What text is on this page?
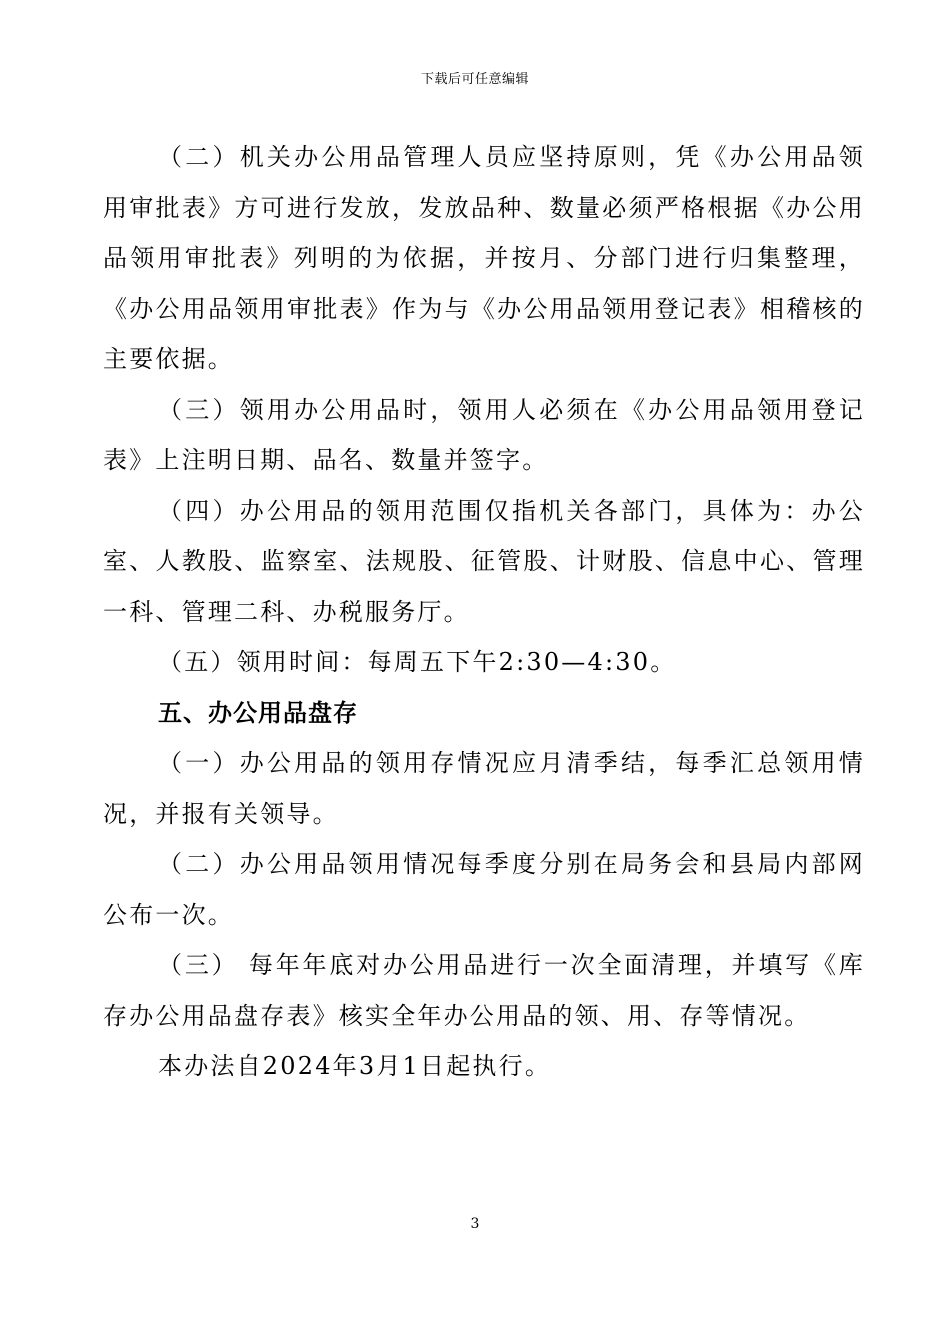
下载后可任意编辑

（二）机关办公用品管理人员应坚持原则，凭《办公用品领用审批表》方可进行发放，发放品种、数量必须严格根据《办公用品领用审批表》列明的为依据，并按月、分部门进行归集整理，《办公用品领用审批表》作为与《办公用品领用登记表》相稽核的主要依据。

（三）领用办公用品时，领用人必须在《办公用品领用登记表》上注明日期、品名、数量并签字。

（四）办公用品的领用范围仅指机关各部门，具体为：办公室、人教股、监察室、法规股、征管股、计财股、信息中心、管理一科、管理二科、办税服务厅。

（五）领用时间：每周五下午2:30—4:30。

五、办公用品盘存

（一）办公用品的领用存情况应月清季结，每季汇总领用情况，并报有关领导。

（二）办公用品领用情况每季度分别在局务会和县局内部网公布一次。

（三） 每年年底对办公用品进行一次全面清理，并填写《库存办公用品盘存表》核实全年办公用品的领、用、存等情况。

本办法自2024年3月1日起执行。

3
